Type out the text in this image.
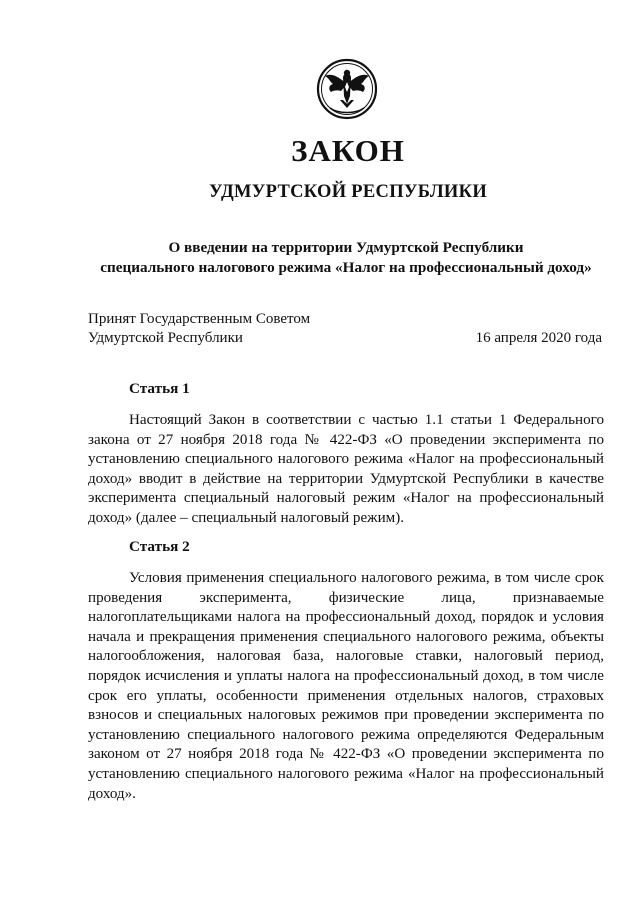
ЗАКОН
УДМУРТСКОЙ РЕСПУБЛИКИ
О введении на территории Удмуртской Республики
специального налогового режима «Налог на профессиональный доход»
Принят Государственным Советом
Удмуртской Республики	16 апреля 2020 года
Статья 1

Настоящий Закон в соответствии с частью 1.1 статьи 1 Федерального закона от 27 ноября 2018 года № 422-ФЗ «О проведении эксперимента по установлению специального налогового режима «Налог на профессиональный доход» вводит в действие на территории Удмуртской Республики в качестве эксперимента специальный налоговый режим «Налог на профессиональный доход» (далее – специальный налоговый режим).

Статья 2

Условия применения специального налогового режима, в том числе срок проведения эксперимента, физические лица, признаваемые налогоплательщиками налога на профессиональный доход, порядок и условия начала и прекращения применения специального налогового режима, объекты налогообложения, налоговая база, налоговые ставки, налоговый период, порядок исчисления и уплаты налога на профессиональный доход, в том числе срок его уплаты, особенности применения отдельных налогов, страховых взносов и специальных налоговых режимов при проведении эксперимента по установлению специального налогового режима определяются Федеральным законом от 27 ноября 2018 года № 422-ФЗ «О проведении эксперимента по установлению специального налогового режима «Налог на профессиональный доход».
